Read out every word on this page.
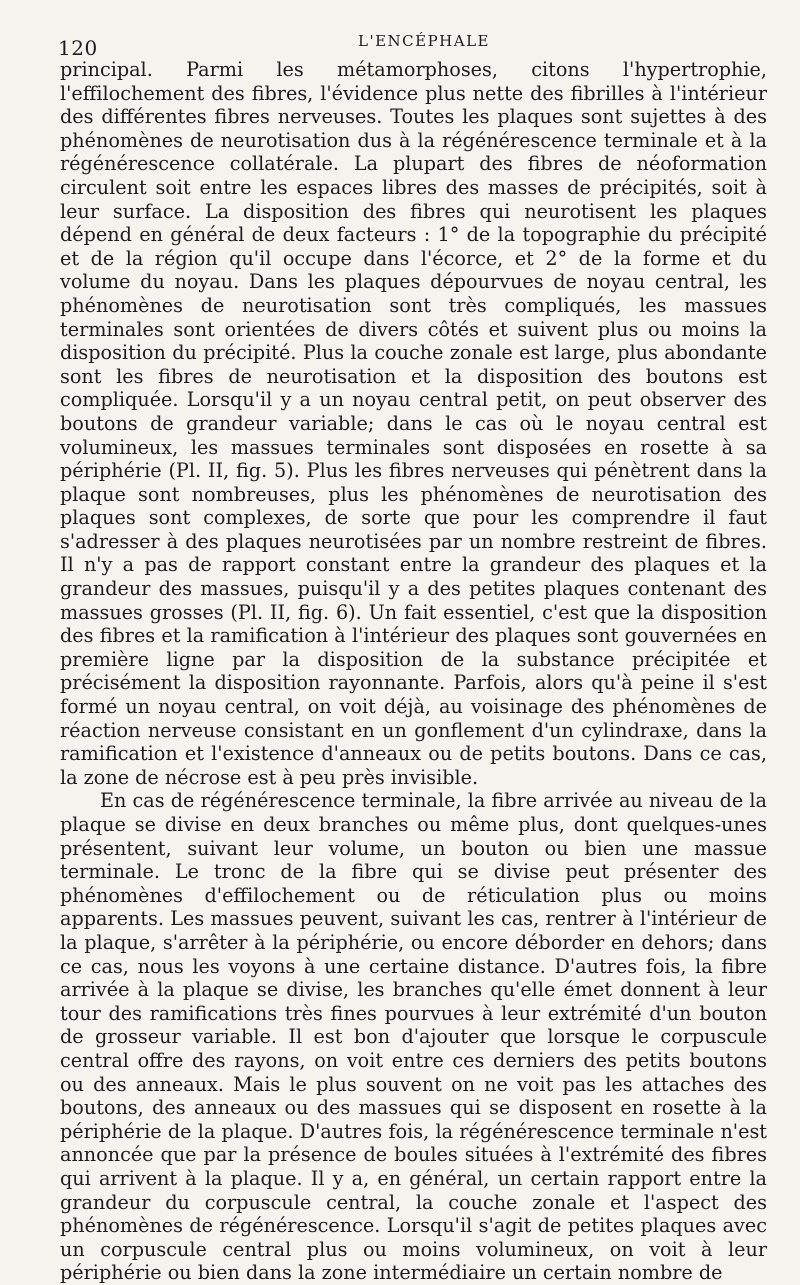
120	L'ENCÉPHALE

principal. Parmi les métamorphoses, citons l'hypertrophie, l'effilochement des fibres, l'évidence plus nette des fibrilles à l'intérieur des différentes fibres nerveuses. Toutes les plaques sont sujettes à des phénomènes de neurotisation dus à la régénérescence terminale et à la régénérescence collatérale. La plupart des fibres de néoformation circulent soit entre les espaces libres des masses de précipités, soit à leur surface. La disposition des fibres qui neurotisent les plaques dépend en général de deux facteurs : 1° de la topographie du précipité et de la région qu'il occupe dans l'écorce, et 2° de la forme et du volume du noyau. Dans les plaques dépourvues de noyau central, les phénomènes de neurotisation sont très compliqués, les massues terminales sont orientées de divers côtés et suivent plus ou moins la disposition du précipité. Plus la couche zonale est large, plus abondante sont les fibres de neurotisation et la disposition des boutons est compliquée. Lorsqu'il y a un noyau central petit, on peut observer des boutons de grandeur variable; dans le cas où le noyau central est volumineux, les massues terminales sont disposées en rosette à sa périphérie (Pl. II, fig. 5). Plus les fibres nerveuses qui pénètrent dans la plaque sont nombreuses, plus les phénomènes de neurotisation des plaques sont complexes, de sorte que pour les comprendre il faut s'adresser à des plaques neurotisées par un nombre restreint de fibres. Il n'y a pas de rapport constant entre la grandeur des plaques et la grandeur des massues, puisqu'il y a des petites plaques contenant des massues grosses (Pl. II, fig. 6). Un fait essentiel, c'est que la disposition des fibres et la ramification à l'intérieur des plaques sont gouvernées en première ligne par la disposition de la substance précipitée et précisément la disposition rayonnante. Parfois, alors qu'à peine il s'est formé un noyau central, on voit déjà, au voisinage des phénomènes de réaction nerveuse consistant en un gonflement d'un cylindraxe, dans la ramification et l'existence d'anneaux ou de petits boutons. Dans ce cas, la zone de nécrose est à peu près invisible.

En cas de régénérescence terminale, la fibre arrivée au niveau de la plaque se divise en deux branches ou même plus, dont quelques-unes présentent, suivant leur volume, un bouton ou bien une massue terminale. Le tronc de la fibre qui se divise peut présenter des phénomènes d'effilochement ou de réticulation plus ou moins apparents. Les massues peuvent, suivant les cas, rentrer à l'intérieur de la plaque, s'arrêter à la périphérie, ou encore déborder en dehors; dans ce cas, nous les voyons à une certaine distance. D'autres fois, la fibre arrivée à la plaque se divise, les branches qu'elle émet donnent à leur tour des ramifications très fines pourvues à leur extrémité d'un bouton de grosseur variable. Il est bon d'ajouter que lorsque le corpuscule central offre des rayons, on voit entre ces derniers des petits boutons ou des anneaux. Mais le plus souvent on ne voit pas les attaches des boutons, des anneaux ou des massues qui se disposent en rosette à la périphérie de la plaque. D'autres fois, la régénérescence terminale n'est annoncée que par la présence de boules situées à l'extrémité des fibres qui arrivent à la plaque. Il y a, en général, un certain rapport entre la grandeur du corpuscule central, la couche zonale et l'aspect des phénomènes de régénérescence. Lorsqu'il s'agit de petites plaques avec un corpuscule central plus ou moins volumineux, on voit à leur périphérie ou bien dans la zone intermédiaire un certain nombre de
